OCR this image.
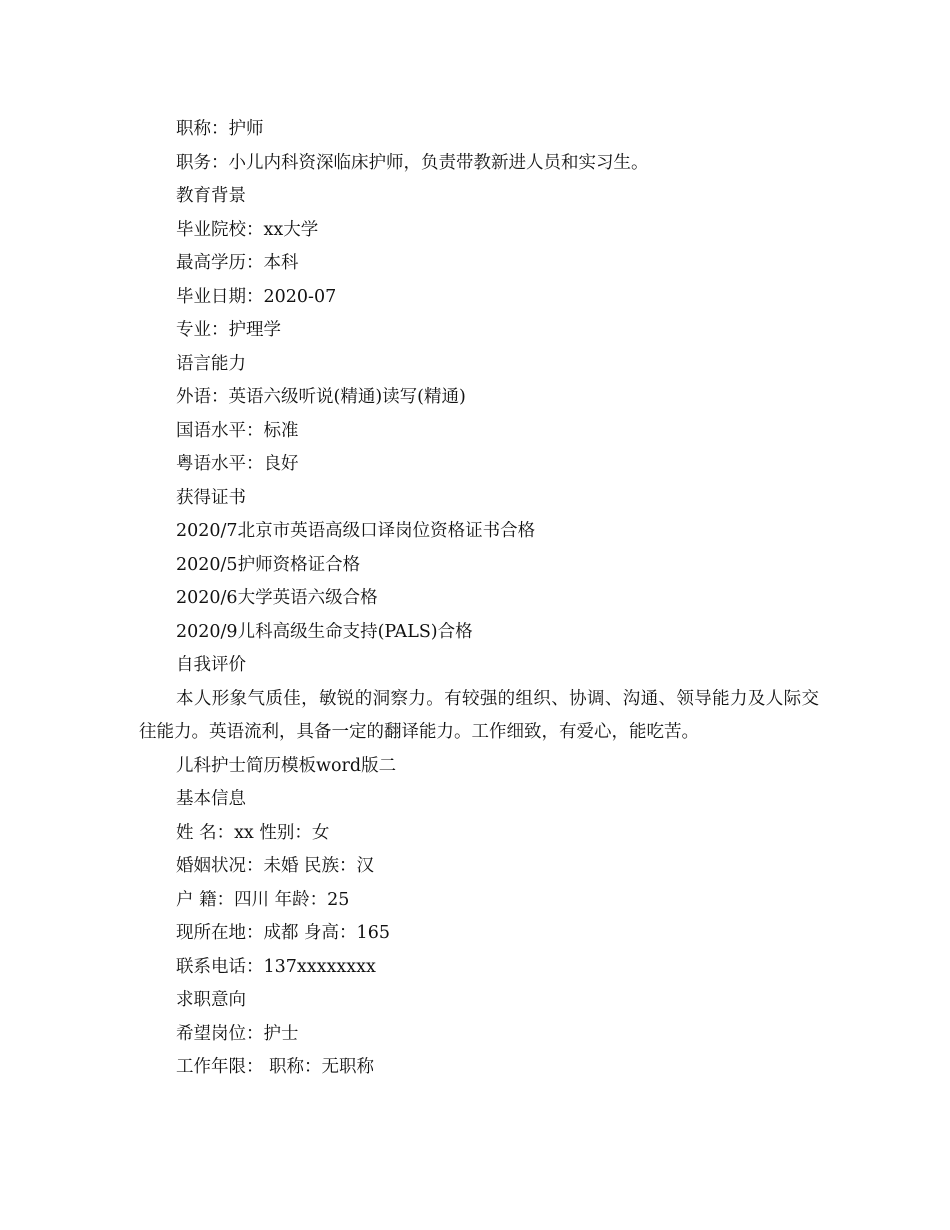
职称：护师
职务：小儿内科资深临床护师，负责带教新进人员和实习生。
教育背景
毕业院校：xx大学
最高学历：本科
毕业日期：2020-07
专业：护理学
语言能力
外语：英语六级听说(精通)读写(精通)
国语水平：标准
粤语水平：良好
获得证书
2020/7北京市英语高级口译岗位资格证书合格
2020/5护师资格证合格
2020/6大学英语六级合格
2020/9儿科高级生命支持(PALS)合格
自我评价

本人形象气质佳，敏锐的洞察力。有较强的组织、协调、沟通、领导能力及人际交往能力。英语流利，具备一定的翻译能力。工作细致，有爱心，能吃苦。

儿科护士简历模板word版二
基本信息
姓 名：xx 性别：女
婚姻状况：未婚 民族：汉
户 籍：四川 年龄：25
现所在地：成都 身高：165
联系电话：137xxxxxxxx
求职意向
希望岗位：护士
工作年限： 职称：无职称
